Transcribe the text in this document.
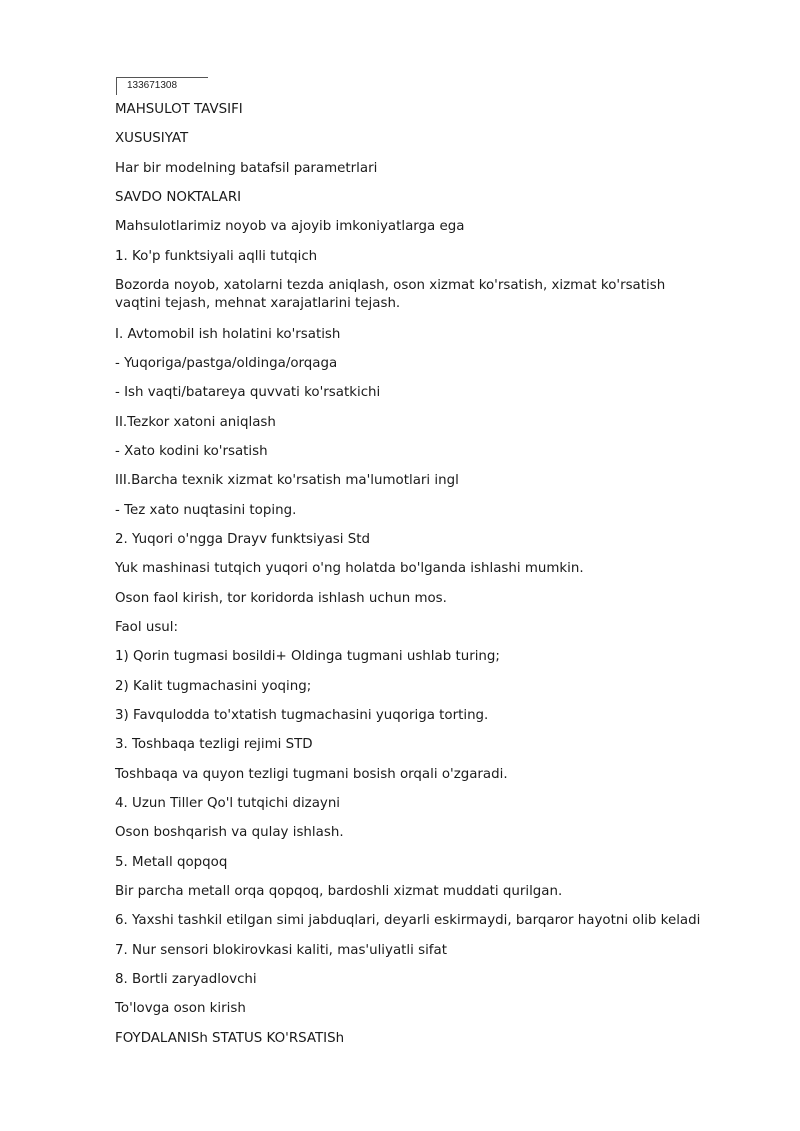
133671308

MAHSULOT TAVSIFI

XUSUSIYAT

Har bir modelning batafsil parametrlari

SAVDO NOKTALARI

Mahsulotlarimiz noyob va ajoyib imkoniyatlarga ega

1. Ko'p funktsiyali aqlli tutqich

Bozorda noyob, xatolarni tezda aniqlash, oson xizmat ko'rsatish, xizmat ko'rsatish vaqtini tejash, mehnat xarajatlarini tejash.

I. Avtomobil ish holatini ko'rsatish

- Yuqoriga/pastga/oldinga/orqaga

- Ish vaqti/batareya quvvati ko'rsatkichi

II.Tezkor xatoni aniqlash

- Xato kodini ko'rsatish

III.Barcha texnik xizmat ko'rsatish ma'lumotlari ingl

- Tez xato nuqtasini toping.

2. Yuqori o'ngga Drayv funktsiyasi Std

Yuk mashinasi tutqich yuqori o'ng holatda bo'lganda ishlashi mumkin.

Oson faol kirish, tor koridorda ishlash uchun mos.

Faol usul:

1) Qorin tugmasi bosildi+ Oldinga tugmani ushlab turing;

2) Kalit tugmachasini yoqing;

3) Favqulodda to'xtatish tugmachasini yuqoriga torting.

3. Toshbaqa tezligi rejimi STD

Toshbaqa va quyon tezligi tugmani bosish orqali o'zgaradi.

4. Uzun Tiller Qo'l tutqichi dizayni

Oson boshqarish va qulay ishlash.

5. Metall qopqoq

Bir parcha metall orqa qopqoq, bardoshli xizmat muddati qurilgan.

6. Yaxshi tashkil etilgan simi jabduqlari, deyarli eskirmaydi, barqaror hayotni olib keladi

7. Nur sensori blokirovkasi kaliti, mas'uliyatli sifat

8. Bortli zaryadlovchi

To'lovga oson kirish

FOYDALANISh STATUS KO'RSATISh
